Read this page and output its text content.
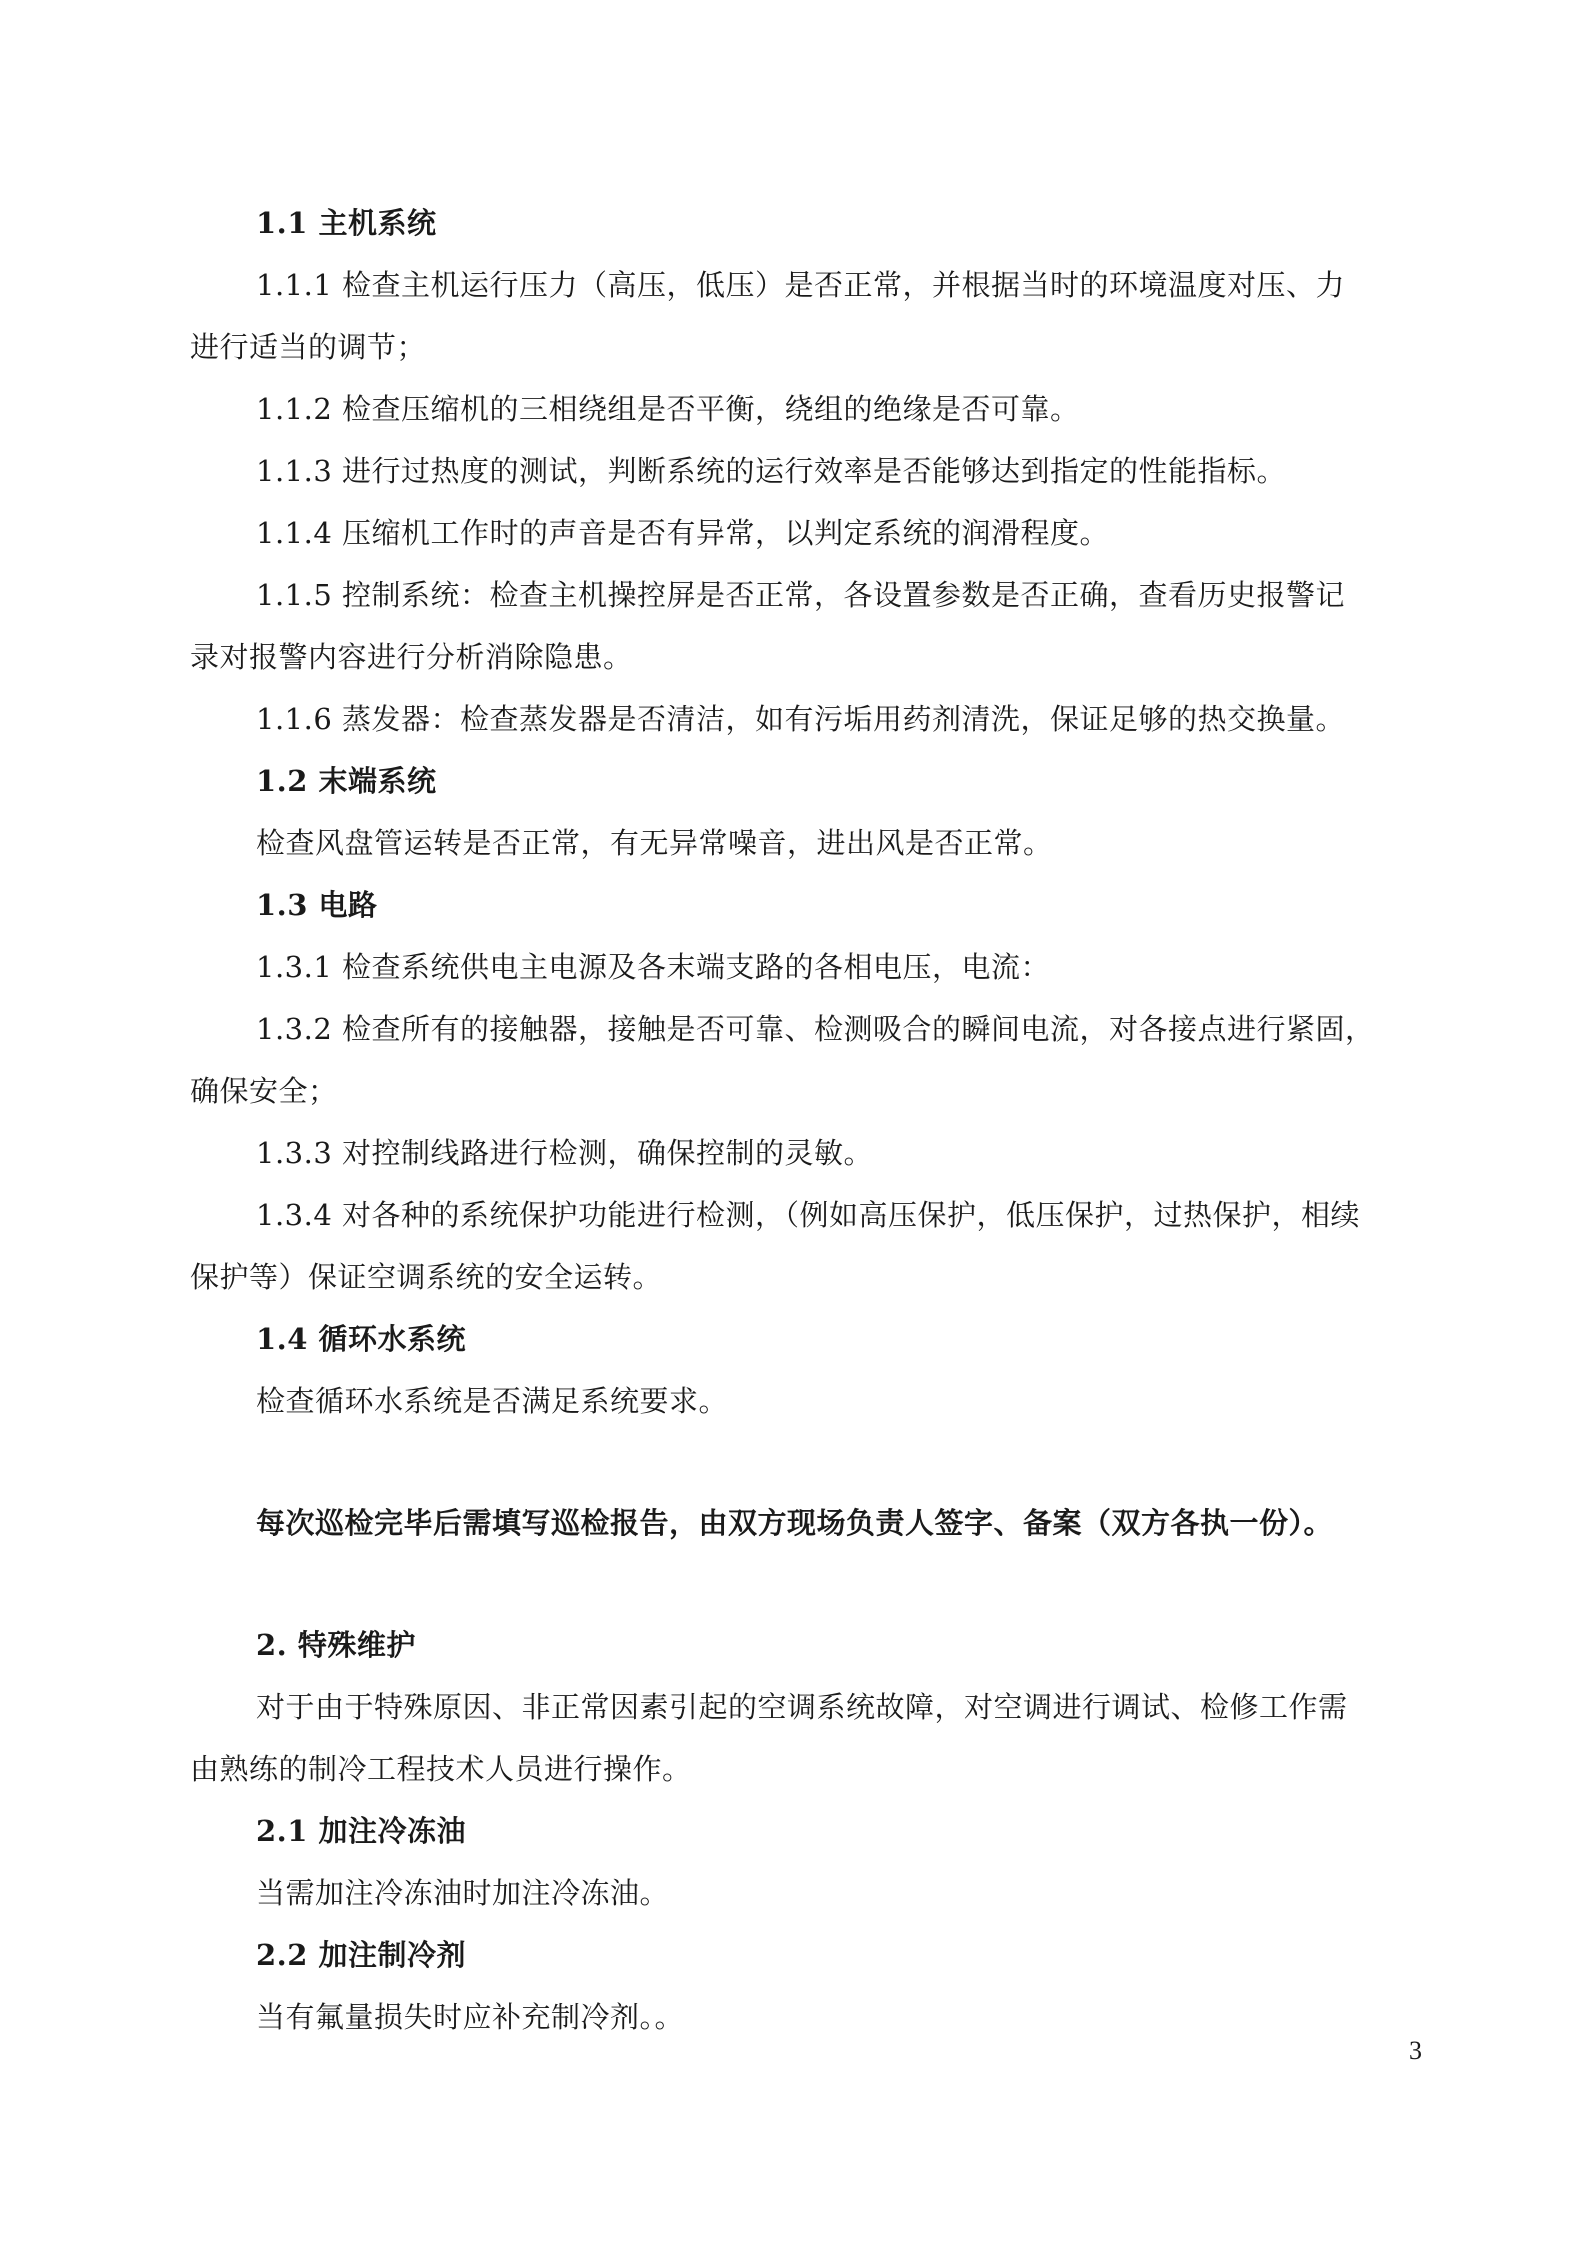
1.1 主机系统
1.1.1 检查主机运行压力（高压，低压）是否正常，并根据当时的环境温度对压、力
进行适当的调节；
1.1.2 检查压缩机的三相绕组是否平衡，绕组的绝缘是否可靠。
1.1.3 进行过热度的测试，判断系统的运行效率是否能够达到指定的性能指标。
1.1.4 压缩机工作时的声音是否有异常，以判定系统的润滑程度。
1.1.5 控制系统：检查主机操控屏是否正常，各设置参数是否正确，查看历史报警记
录对报警内容进行分析消除隐患。
1.1.6 蒸发器：检查蒸发器是否清洁，如有污垢用药剂清洗，保证足够的热交换量。
1.2 末端系统
检查风盘管运转是否正常，有无异常噪音，进出风是否正常。
1.3 电路
1.3.1 检查系统供电主电源及各末端支路的各相电压，电流：
1.3.2 检查所有的接触器，接触是否可靠、检测吸合的瞬间电流，对各接点进行紧固，
确保安全；
1.3.3 对控制线路进行检测，确保控制的灵敏。
1.3.4 对各种的系统保护功能进行检测，（例如高压保护，低压保护，过热保护，相续
保护等）保证空调系统的安全运转。
1.4 循环水系统
检查循环水系统是否满足系统要求。
每次巡检完毕后需填写巡检报告，由双方现场负责人签字、备案（双方各执一份）。
2. 特殊维护
对于由于特殊原因、非正常因素引起的空调系统故障，对空调进行调试、检修工作需
由熟练的制冷工程技术人员进行操作。
2.1 加注冷冻油
当需加注冷冻油时加注冷冻油。
2.2 加注制冷剂
当有氟量损失时应补充制冷剂。。
3
